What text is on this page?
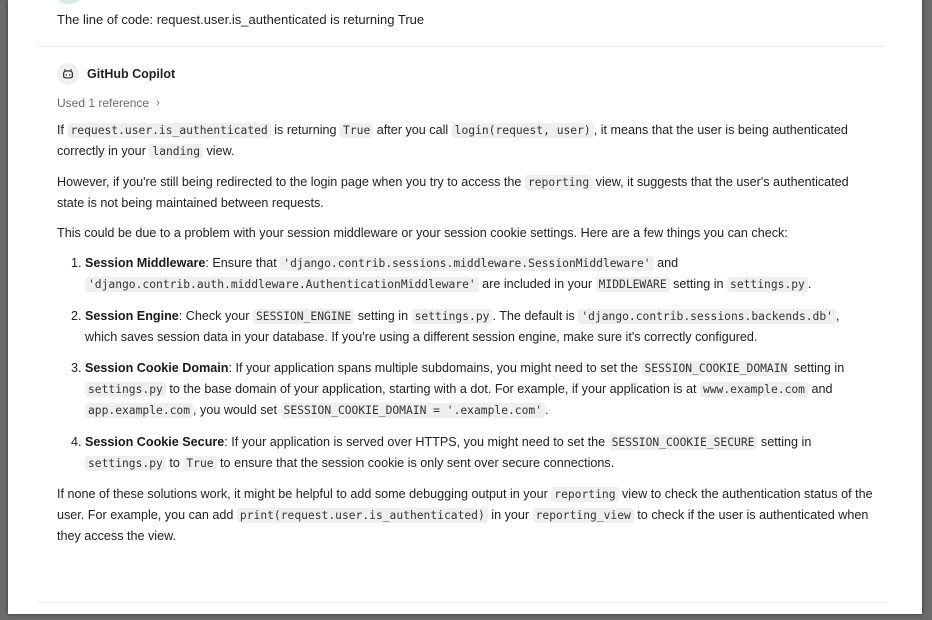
The line of code: request.user.is_authenticated is returning True
GitHub Copilot
Used 1 reference ›

If request.user.is_authenticated is returning True after you call login(request, user) , it means that the user is being authenticated correctly in your landing view.

However, if you're still being redirected to the login page when you try to access the reporting view, it suggests that the user's authenticated state is not being maintained between requests.

This could be due to a problem with your session middleware or your session cookie settings. Here are a few things you can check:

1. Session Middleware: Ensure that 'django.contrib.sessions.middleware.SessionMiddleware' and 'django.contrib.auth.middleware.AuthenticationMiddleware' are included in your MIDDLEWARE setting in settings.py .
2. Session Engine: Check your SESSION_ENGINE setting in settings.py . The default is 'django.contrib.sessions.backends.db' , which saves session data in your database. If you're using a different session engine, make sure it's correctly configured.
3. Session Cookie Domain: If your application spans multiple subdomains, you might need to set the SESSION_COOKIE_DOMAIN setting in settings.py to the base domain of your application, starting with a dot. For example, if your application is at www.example.com and app.example.com , you would set SESSION_COOKIE_DOMAIN = '.example.com' .
4. Session Cookie Secure: If your application is served over HTTPS, you might need to set the SESSION_COOKIE_SECURE setting in settings.py to True to ensure that the session cookie is only sent over secure connections.

If none of these solutions work, it might be helpful to add some debugging output in your reporting view to check the authentication status of the user. For example, you can add print(request.user.is_authenticated) in your reporting_view to check if the user is authenticated when they access the view.
